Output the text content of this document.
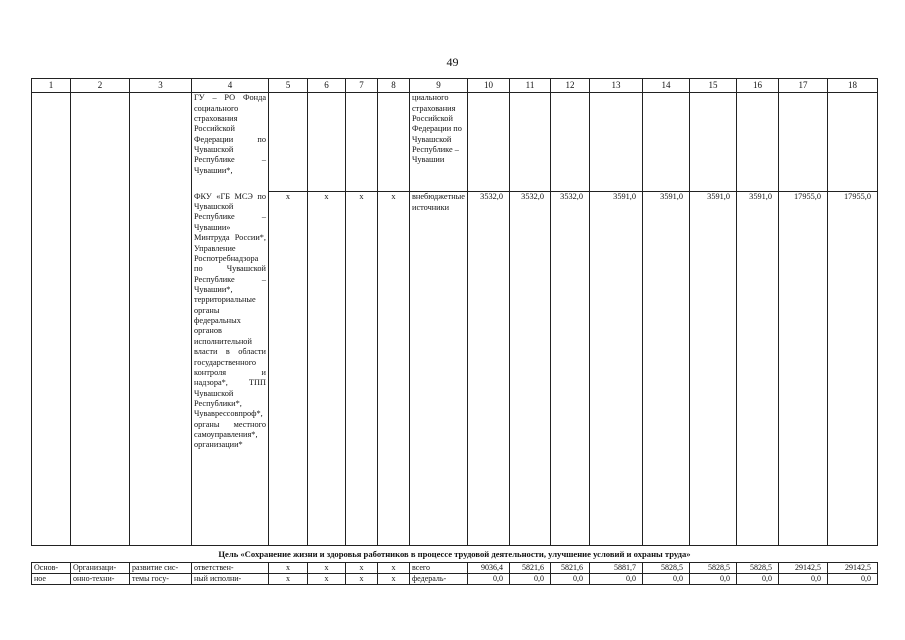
49
1	2	3	4	5	6	7	8	9	10	11	12	13	14	15	16	17	18
			ГУ – РО Фонда социального страхования Российской Федерации по Чувашской Республике – Чувашии*,					циального страхования Российской Федерации по Чувашской Республике – Чувашии									
			ФКУ «ГБ МСЭ по Чувашской Республике – Чувашии» Минтруда России*, Управление Роспотребнадзора по Чувашской Республике – Чувашии*, территориальные органы федеральных органов исполнительной власти в области государственного контроля и надзора*, ТПП Чувашской Республики*, Чуваврессовпроф*, органы местного самоуправления*, организации*	x	x	x	x	внебюджетные источники	3532,0	3532,0	3532,0	3591,0	3591,0	3591,0	3591,0	17955,0	17955,0
Цель «Сохранение жизни и здоровья работников в процессе трудовой деятельности, улучшение условий и охраны труда»																	
Основ-	Организаци-	развитие сис-	ответствен-	x	x	x	x	всего	9036,4	5821,6	5821,6	5881,7	5828,5	5828,5	5828,5	29142,5	29142,5
ное	онно-техни-	темы госу-	ный исполни-	x	x	x	x	федераль-	0,0	0,0	0,0	0,0	0,0	0,0	0,0	0,0	0,0
